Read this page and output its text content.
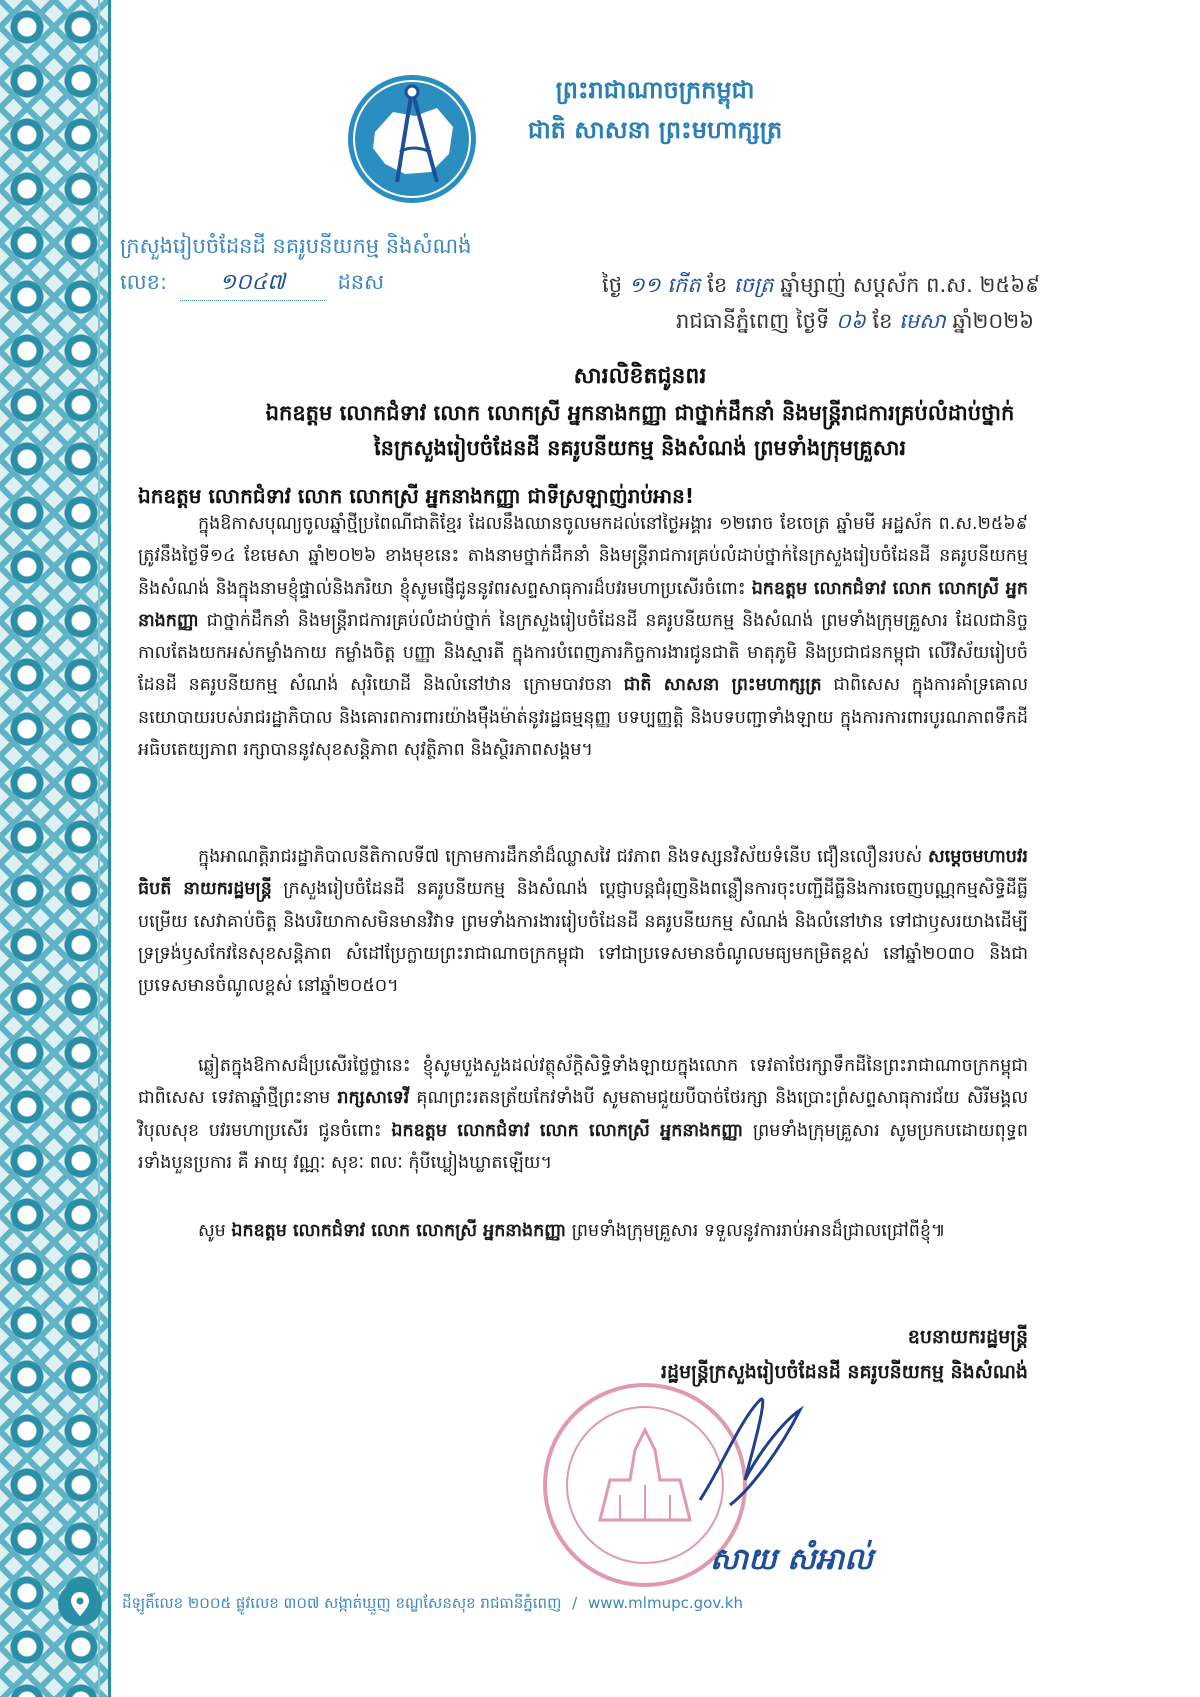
ព្រះរាជាណាចក្រកម្ពុជា
ជាតិ សាសនា ព្រះមហាក្សត្រ
ក្រសួងរៀបចំដែនដី នគរូបនីយកម្ម និងសំណង់
លេខ: ១០៤៧ ដនស	ថ្ងៃ ១១ កើត ខែ ចេត្រ ឆ្នាំម្សាញ់ សប្តស័ក ព.ស. ២៥៦៩
រាជធានីភ្នំពេញ ថ្ងៃទី ០៦ ខែ មេសា ឆ្នាំ២០២៦
សារលិខិតជូនពរ
ឯកឧត្តម លោកជំទាវ លោក លោកស្រី អ្នកនាងកញ្ញា ជាថ្នាក់ដឹកនាំ និងមន្ត្រីរាជការគ្រប់លំដាប់ថ្នាក់
នៃក្រសួងរៀបចំដែនដី នគរូបនីយកម្ម និងសំណង់ ព្រមទាំងក្រុមគ្រួសារ
ឯកឧត្តម លោកជំទាវ លោក លោកស្រី អ្នកនាងកញ្ញា ជាទីស្រឡាញ់រាប់អាន!
ក្នុងឱកាសបុណ្យចូលឆ្នាំថ្មីប្រពៃណីជាតិខ្មែរ ដែលនឹងឈានចូលមកដល់នៅថ្ងៃអង្គារ ១២រោច ខែចេត្រ ឆ្នាំមមី អដ្ឋស័ក ព.ស.២៥៦៩ ត្រូវនឹងថ្ងៃទី១៤ ខែមេសា ឆ្នាំ២០២៦ ខាងមុខនេះ តាងនាមថ្នាក់ដឹកនាំ និងមន្ត្រីរាជការគ្រប់លំដាប់ថ្នាក់នៃក្រសួងរៀបចំដែនដី នគរូបនីយកម្ម និងសំណង់ និងក្នុងនាមខ្ញុំផ្ទាល់និងភរិយា ខ្ញុំសូមផ្ញើជូននូវពរសព្ទសាធុការដ៏បវរមហាប្រសើរចំពោះ ឯកឧត្តម លោកជំទាវ លោក លោកស្រី អ្នកនាងកញ្ញា ជាថ្នាក់ដឹកនាំ និងមន្ត្រីរាជការគ្រប់លំដាប់ថ្នាក់ នៃក្រសួងរៀបចំដែនដី នគរូបនីយកម្ម និងសំណង់ ព្រមទាំងក្រុមគ្រួសារ ដែលជានិច្ចកាលតែងយកអស់កម្លាំងកាយ កម្លាំងចិត្ត បញ្ញា និងស្មារតី ក្នុងការបំពេញភារកិច្ចការងារជូនជាតិ មាតុភូមិ និងប្រជាជនកម្ពុជា លើវិស័យរៀបចំដែនដី នគរូបនីយកម្ម សំណង់ សុរិយោដី និងលំនៅឋាន ក្រោមបាវចនា ជាតិ សាសនា ព្រះមហាក្សត្រ ជាពិសេស ក្នុងការគាំទ្រគោលនយោបាយរបស់រាជរដ្ឋាភិបាល និងគោរពការពារយ៉ាងម៉ឺងម៉ាត់នូវរដ្ឋធម្មនុញ្ញ បទប្បញ្ញត្តិ និងបទបញ្ជាទាំងឡាយ ក្នុងការការពារបូរណភាពទឹកដី អធិបតេយ្យភាព រក្សាបាននូវសុខសន្តិភាព សុវត្ថិភាព និងស្ថិរភាពសង្គម។
ក្នុងអាណត្តិរាជរដ្ឋាភិបាលនីតិកាលទី៧ ក្រោមការដឹកនាំដ៏ឈ្លាសវៃ ជវភាព និងទស្សនវិស័យទំនើប ជឿនលឿនរបស់ សម្តេចមហាបវរធិបតី នាយករដ្ឋមន្ត្រី ក្រសួងរៀបចំដែនដី នគរូបនីយកម្ម និងសំណង់ ប្តេជ្ញាបន្តជំរុញនិងពន្លឿនការចុះបញ្ជីដីធ្លីនិងការចេញបណ្ណកម្មសិទ្ធិដីធ្លីបម្រើយ សេវាគាប់ចិត្ត និងបរិយាកាសមិនមានវិវាទ ព្រមទាំងការងាររៀបចំដែនដី នគរូបនីយកម្ម សំណង់ និងលំនៅឋាន ទៅជាឫសរយាងដើម្បីទ្រទ្រង់ឫសកែវនៃសុខសន្តិភាព សំដៅប្រែក្លាយព្រះរាជាណាចក្រកម្ពុជា ទៅជាប្រទេសមានចំណូលមធ្យមកម្រិតខ្ពស់ នៅឆ្នាំ២០៣០ និងជាប្រទេសមានចំណូលខ្ពស់ នៅឆ្នាំ២០៥០។
ឆ្លៀតក្នុងឱកាសដ៏ប្រសើរថ្លៃថ្លានេះ ខ្ញុំសូមបួងសួងដល់វត្ថុស័ក្តិសិទ្ធិទាំងឡាយក្នុងលោក ទេវតាថែរក្សាទឹកដីនៃព្រះរាជាណាចក្រកម្ពុជា ជាពិសេស ទេវតាឆ្នាំថ្មីព្រះនាម រាក្សសាទេវី គុណព្រះរតនត្រ័យកែវទាំងបី សូមតាមជួយបីបាច់ថែរក្សា និងប្រោះព្រំសព្ទសាធុការជ័យ សិរីមង្គល វិបុលសុខ បវរមហាប្រសើរ ជូនចំពោះ ឯកឧត្តម លោកជំទាវ លោក លោកស្រី អ្នកនាងកញ្ញា ព្រមទាំងក្រុមគ្រួសារ សូមប្រកបដោយពុទ្ធពរទាំងបួនប្រការ គឺ អាយុ វណ្ណៈ សុខៈ ពលៈ កុំបីឃ្លៀងឃ្លាតឡើយ។
សូម ឯកឧត្តម លោកជំទាវ លោក លោកស្រី អ្នកនាងកញ្ញា ព្រមទាំងក្រុមគ្រួសារ ទទួលនូវការរាប់អានដ៏ជ្រាលជ្រៅពីខ្ញុំ៕
ឧបនាយករដ្ឋមន្ត្រី
រដ្ឋមន្ត្រីក្រសួងរៀបចំដែនដី នគរូបនីយកម្ម និងសំណង់
សាយ សំអាល់
ដីឡូតិ៍លេខ ២០០៥ ផ្លូវលេខ ៣០៧ សង្កាត់ឃ្មួញ ខណ្ឌសែនសុខ រាជធានីភ្នំពេញ / www.mlmupc.gov.kh
